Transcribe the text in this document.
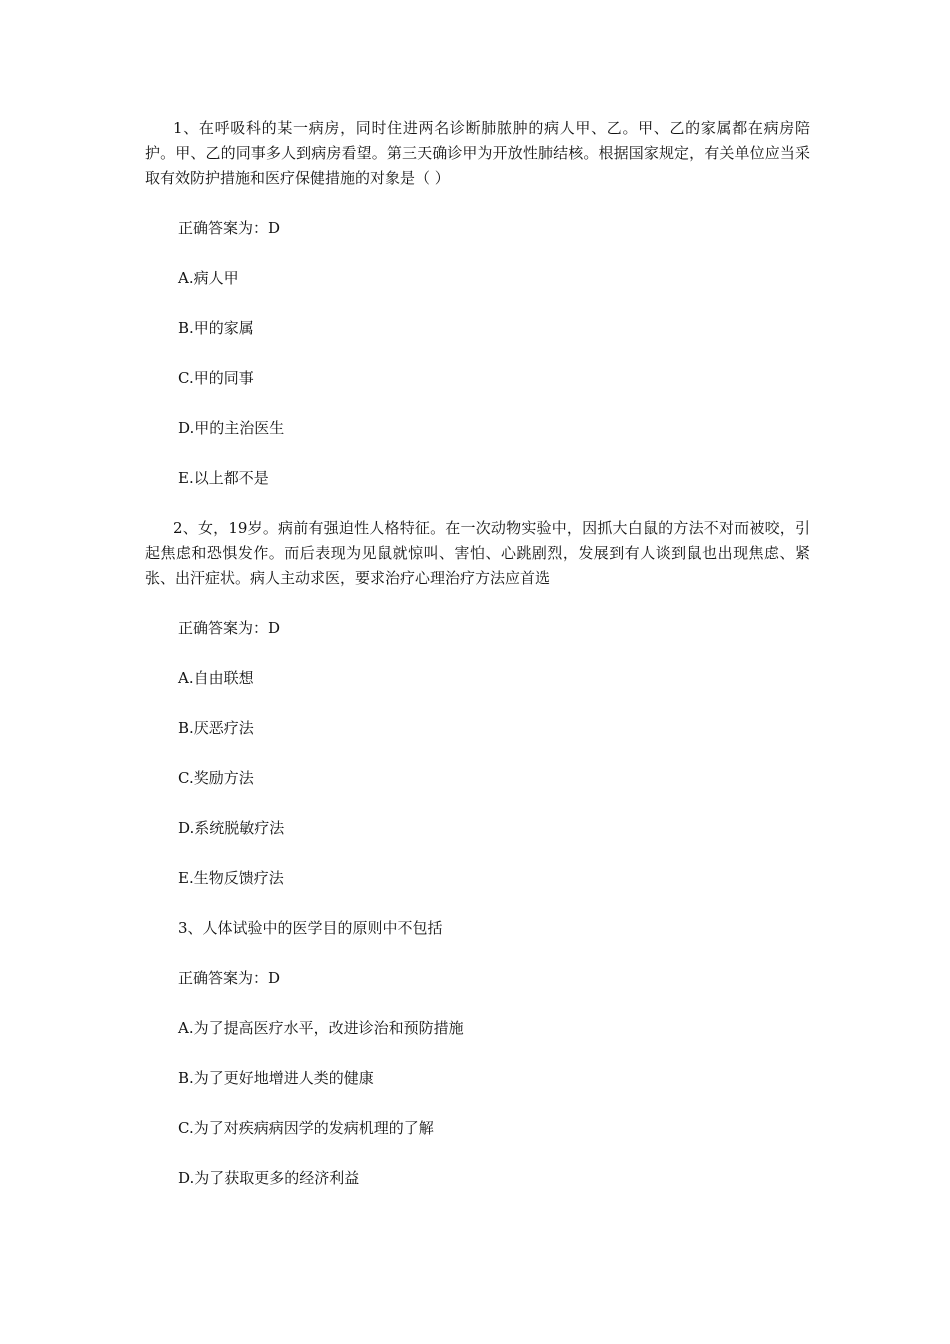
1、在呼吸科的某一病房，同时住进两名诊断肺脓肿的病人甲、乙。甲、乙的家属都在病房陪护。甲、乙的同事多人到病房看望。第三天确诊甲为开放性肺结核。根据国家规定，有关单位应当采取有效防护措施和医疗保健措施的对象是（ ）

正确答案为：D

A.病人甲

B.甲的家属

C.甲的同事

D.甲的主治医生

E.以上都不是

2、女，19岁。病前有强迫性人格特征。在一次动物实验中，因抓大白鼠的方法不对而被咬，引起焦虑和恐惧发作。而后表现为见鼠就惊叫、害怕、心跳剧烈，发展到有人谈到鼠也出现焦虑、紧张、出汗症状。病人主动求医，要求治疗心理治疗方法应首选

正确答案为：D

A.自由联想

B.厌恶疗法

C.奖励方法

D.系统脱敏疗法

E.生物反馈疗法

3、人体试验中的医学目的原则中不包括

正确答案为：D

A.为了提高医疗水平，改进诊治和预防措施

B.为了更好地增进人类的健康

C.为了对疾病病因学的发病机理的了解

D.为了获取更多的经济利益
